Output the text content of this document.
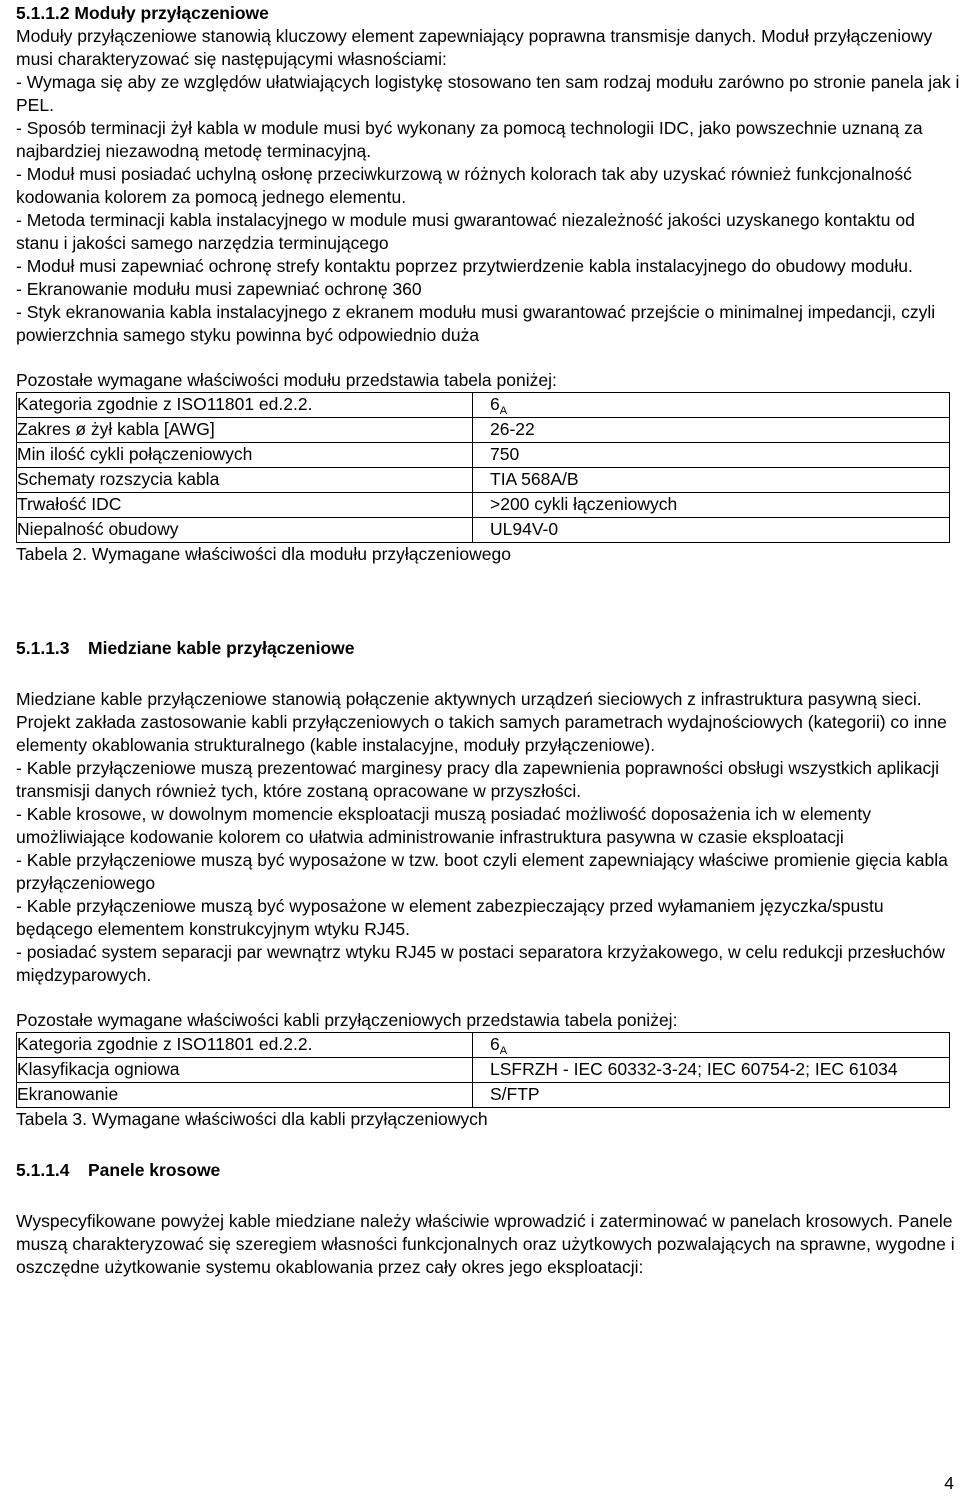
5.1.1.2 Moduły przyłączeniowe

Moduły przyłączeniowe stanowią kluczowy element zapewniający poprawna transmisje danych. Moduł przyłączeniowy musi charakteryzować się następującymi własnościami:

- Wymaga się aby ze względów ułatwiających logistykę stosowano ten sam rodzaj modułu zarówno po stronie panela jak i PEL.

- Sposób terminacji żył kabla w module musi być wykonany za pomocą technologii IDC, jako powszechnie uznaną za najbardziej niezawodną metodę terminacyjną.

- Moduł musi posiadać uchylną osłonę przeciwkurzową w różnych kolorach tak aby uzyskać również funkcjonalność kodowania kolorem za pomocą jednego elementu.

- Metoda terminacji kabla instalacyjnego w module musi gwarantować niezależność jakości uzyskanego kontaktu od stanu i jakości samego narzędzia terminującego

- Moduł musi zapewniać ochronę strefy kontaktu poprzez przytwierdzenie kabla instalacyjnego do obudowy modułu.

- Ekranowanie modułu musi zapewniać ochronę 360

- Styk ekranowania kabla instalacyjnego z ekranem modułu musi gwarantować przejście o minimalnej impedancji, czyli powierzchnia samego styku powinna być odpowiednio duża

Pozostałe wymagane właściwości modułu przedstawia tabela poniżej:

Kategoria zgodnie z ISO11801 ed.2.2.	$6_A$
Zakres ø żył kabla [AWG]	26-22
Min ilość cykli połączeniowych	750
Schematy rozszycia kabla	TIA 568A/B
Trwałość IDC	>200 cykli łączeniowych
Niepalność obudowy	UL94V-0

Tabela 2. Wymagane właściwości dla modułu przyłączeniowego

5.1.1.3 Miedziane kable przyłączeniowe

Miedziane kable przyłączeniowe stanowią połączenie aktywnych urządzeń sieciowych z infrastruktura pasywną sieci. Projekt zakłada zastosowanie kabli przyłączeniowych o takich samych parametrach wydajnościowych (kategorii) co inne elementy okablowania strukturalnego (kable instalacyjne, moduły przyłączeniowe).

- Kable przyłączeniowe muszą prezentować marginesy pracy dla zapewnienia poprawności obsługi wszystkich aplikacji transmisji danych również tych, które zostaną opracowane w przyszłości.

- Kable krosowe, w dowolnym momencie eksploatacji muszą posiadać możliwość doposażenia ich w elementy umożliwiające kodowanie kolorem co ułatwia administrowanie infrastruktura pasywna w czasie eksploatacji

- Kable przyłączeniowe muszą być wyposażone w tzw. boot czyli element zapewniający właściwe promienie gięcia kabla przyłączeniowego

- Kable przyłączeniowe muszą być wyposażone w element zabezpieczający przed wyłamaniem języczka/spustu będącego elementem konstrukcyjnym wtyku RJ45.

- posiadać system separacji par wewnątrz wtyku RJ45 w postaci separatora krzyżakowego, w celu redukcji przesłuchów międzyparowych.

Pozostałe wymagane właściwości kabli przyłączeniowych przedstawia tabela poniżej:

Kategoria zgodnie z ISO11801 ed.2.2.	$6_A$
Klasyfikacja ogniowa	LSFRZH - IEC 60332-3-24; IEC 60754-2; IEC 61034
Ekranowanie	S/FTP

Tabela 3. Wymagane właściwości dla kabli przyłączeniowych

5.1.1.4 Panele krosowe

Wyspecyfikowane powyżej kable miedziane należy właściwie wprowadzić i zaterminować w panelach krosowych. Panele muszą charakteryzować się szeregiem własności funkcjonalnych oraz użytkowych pozwalających na sprawne, wygodne i oszczędne użytkowanie systemu okablowania przez cały okres jego eksploatacji:

4
